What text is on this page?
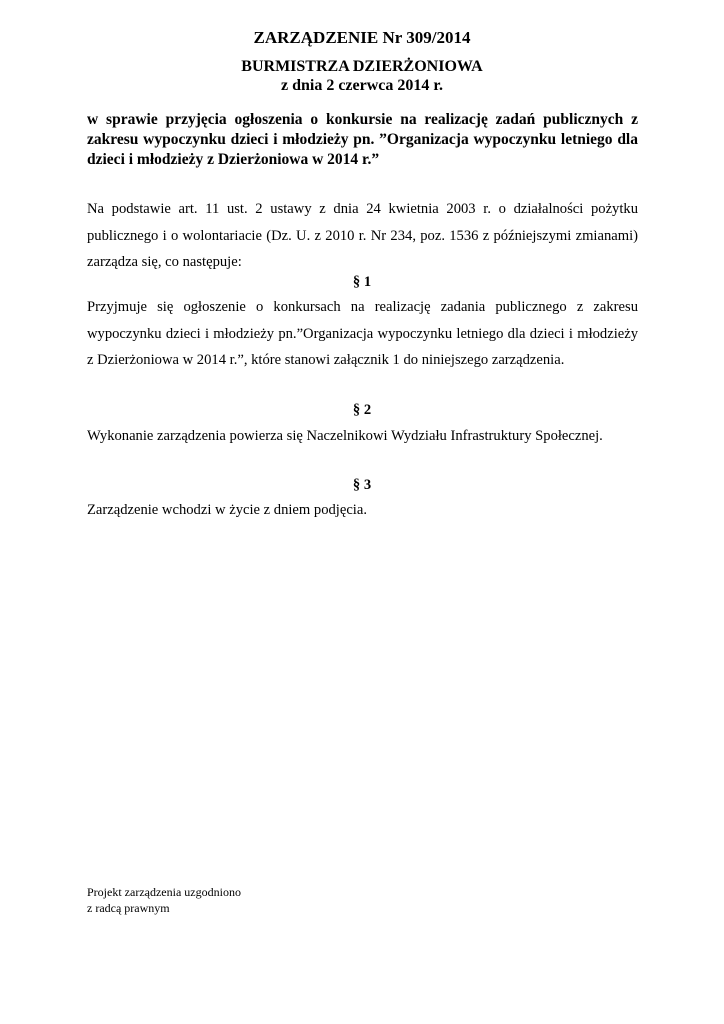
ZARZĄDZENIE Nr 309/2014
BURMISTRZA DZIERŻONIOWA
z dnia 2 czerwca 2014 r.
w sprawie przyjęcia ogłoszenia o konkursie na realizację zadań publicznych z zakresu wypoczynku dzieci i młodzieży pn. ”Organizacja wypoczynku letniego dla dzieci i młodzieży z Dzierżoniowa w 2014 r.”
Na podstawie art. 11 ust. 2 ustawy z dnia 24 kwietnia 2003 r. o działalności pożytku publicznego i o wolontariacie (Dz. U. z 2010 r. Nr 234, poz. 1536 z późniejszymi zmianami) zarządza się, co następuje:
§ 1
Przyjmuje się ogłoszenie o konkursach na realizację zadania publicznego z zakresu wypoczynku dzieci i młodzieży pn.”Organizacja wypoczynku letniego dla dzieci i młodzieży z Dzierżoniowa w 2014 r.”, które stanowi załącznik 1 do niniejszego zarządzenia.
§ 2
Wykonanie zarządzenia powierza się Naczelnikowi Wydziału Infrastruktury Społecznej.
§ 3
Zarządzenie wchodzi w życie z dniem podjęcia.
Projekt zarządzenia uzgodniono
z radcą prawnym
